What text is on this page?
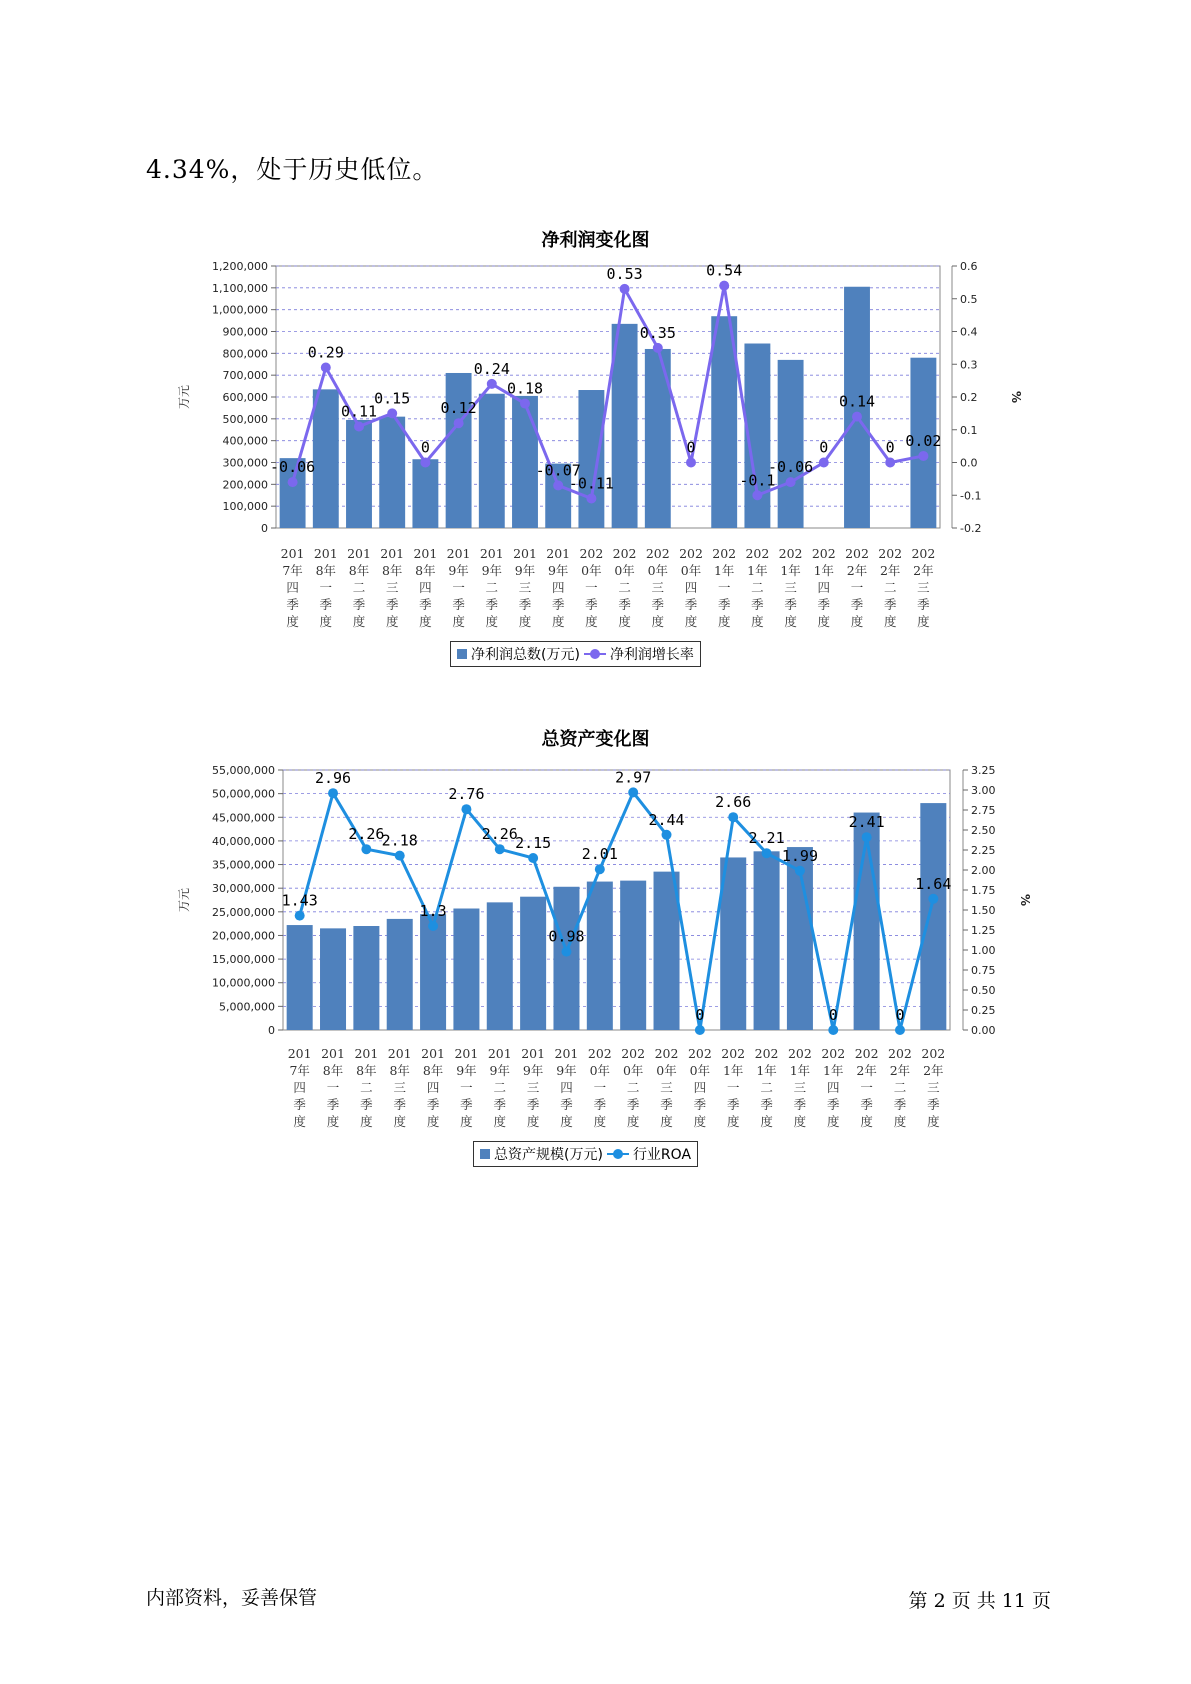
4.34%，处于历史低位。
净利润变化图
0
100,000
200,000
300,000
400,000
500,000
600,000
700,000
800,000
900,000
1,000,000
1,100,000
1,200,000
-0.2
-0.1
0.0
0.1
0.2
0.3
0.4
0.5
0.6
万元	%
201 7年四季度
201 8年一季度
201 8年二季度
201 8年三季度
201 8年四季度
201 9年一季度
201 9年二季度
201 9年三季度
201 9年四季度
202 0年一季度
202 0年二季度
202 0年三季度
202 0年四季度
202 1年一季度
202 1年二季度
202 1年三季度
202 1年四季度
202 2年一季度
202 2年二季度
202 2年三季度
-0.06
0.29
0.11
0.15
0
0.12
0.24
0.18
-0.07
-0.11
0.53
0.35
0
0.54
-0.1
-0.06
0
0.14
0 0.02
净利润总数(万元) 净利润增长率
总资产变化图
0
5,000,000
10,000,000
15,000,000
20,000,000
25,000,000
30,000,000
35,000,000
40,000,000
45,000,000
50,000,000
55,000,000
0.00
0.25
0.50
0.75
1.00
1.25
1.50
1.75
2.00
2.25
2.50
2.75
3.00
3.25
万元	%
201 7年四季度
201 8年一季度
201 8年二季度
201 8年三季度
201 8年四季度
201 9年一季度
201 9年二季度
201 9年三季度
201 9年四季度
202 0年一季度
202 0年二季度
202 0年三季度
202 0年四季度
202 1年一季度
202 1年二季度
202 1年三季度
202 1年四季度
202 2年一季度
202 2年二季度
202 2年三季度
1.43
2.96
2.26
2.18
1.3
2.76
2.26
2.15
0.98
2.01
2.97
2.44
0
2.66
2.21
1.99
0
2.41
0
1.64
总资产规模(万元) 行业ROA
内部资料，妥善保管	第 2 页 共 11 页
